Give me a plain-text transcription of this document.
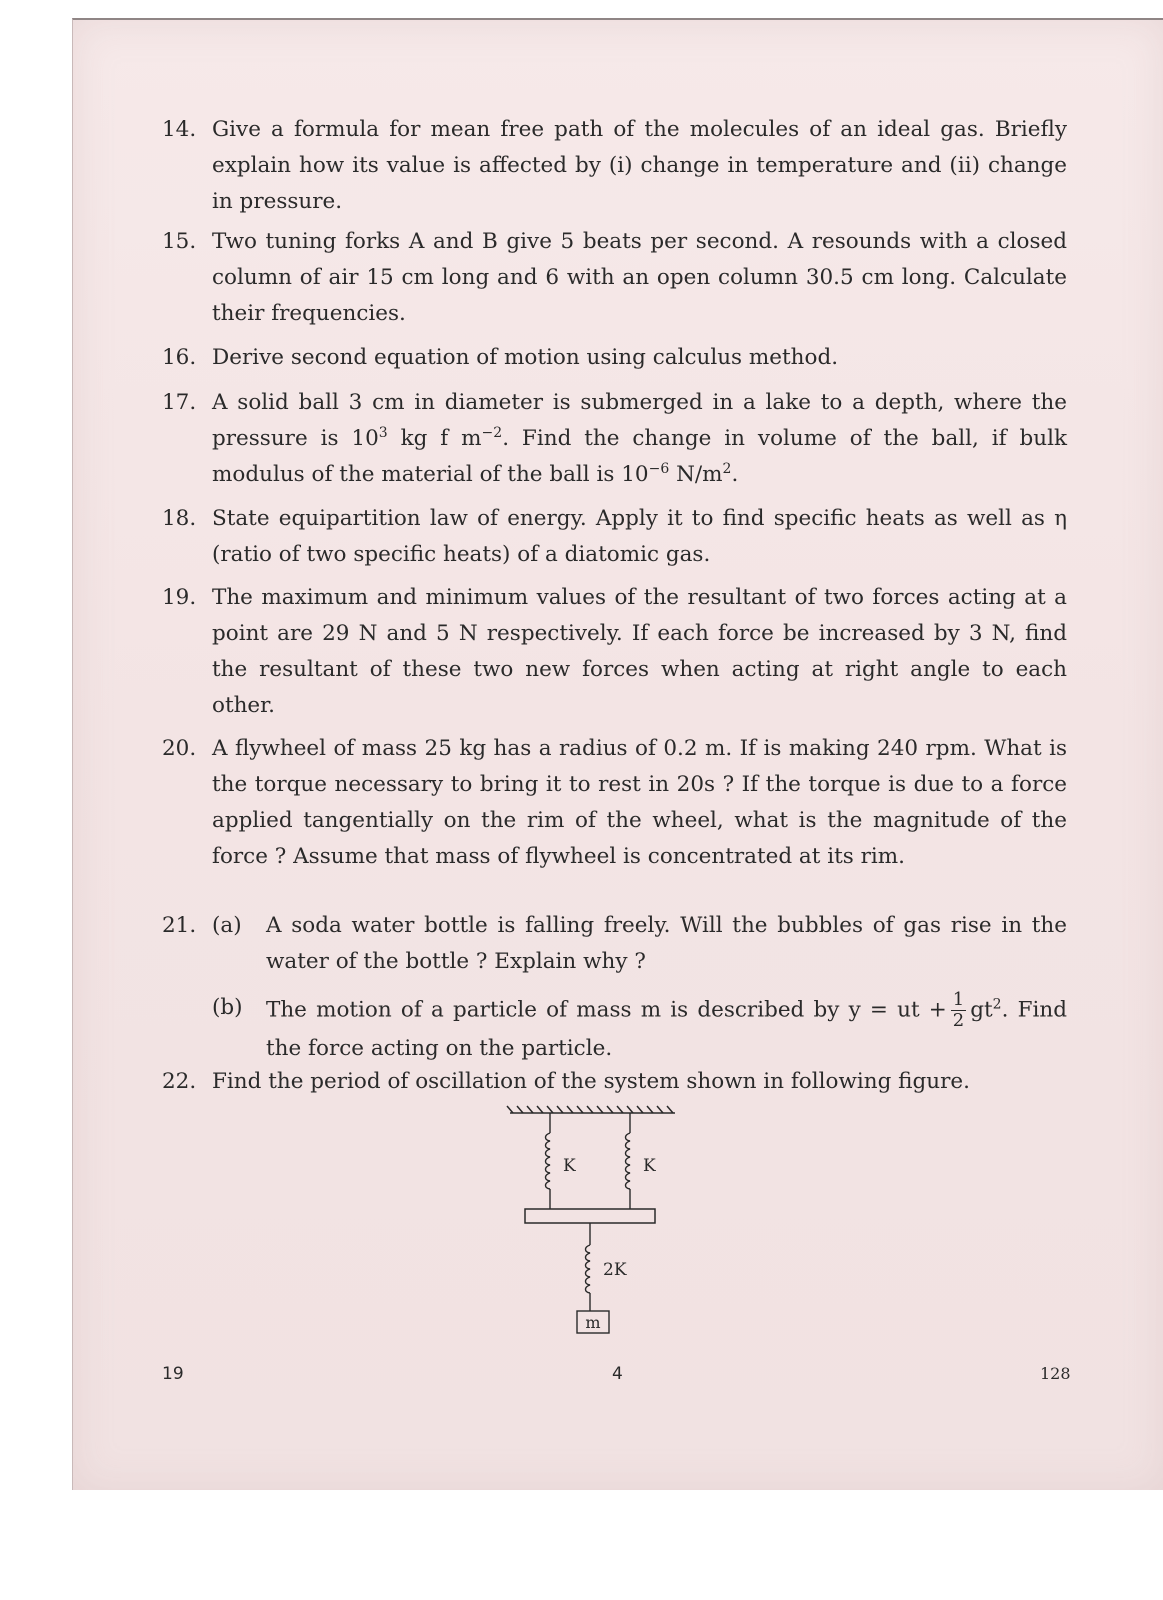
14. Give a formula for mean free path of the molecules of an ideal gas. Briefly explain how its value is affected by (i) change in temperature and (ii) change in pressure.
15. Two tuning forks A and B give 5 beats per second. A resounds with a closed column of air 15 cm long and 6 with an open column 30.5 cm long. Calculate their frequencies.
16. Derive second equation of motion using calculus method.
17. A solid ball 3 cm in diameter is submerged in a lake to a depth, where the pressure is $10^3$ kg f $m^{-2}$. Find the change in volume of the ball, if bulk modulus of the material of the ball is $10^{-6}$ $N/m^2$.
18. State equipartition law of energy. Apply it to find specific heats as well as η (ratio of two specific heats) of a diatomic gas.
19. The maximum and minimum values of the resultant of two forces acting at a point are 29 N and 5 N respectively. If each force be increased by 3 N, find the resultant of these two new forces when acting at right angle to each other.
20. A flywheel of mass 25 kg has a radius of 0.2 m. If is making 240 rpm. What is the torque necessary to bring it to rest in 20s ? If the torque is due to a force applied tangentially on the rim of the wheel, what is the magnitude of the force ? Assume that mass of flywheel is concentrated at its rim.
21. (a) A soda water bottle is falling freely. Will the bubbles of gas rise in the water of the bottle ? Explain why ?
(b) The motion of a particle of mass m is described by y = ut + $\frac{1}{2} gt^2$. Find the force acting on the particle.
22. Find the period of oscillation of the system shown in following figure.
K	K
2K
m
19	4	128
